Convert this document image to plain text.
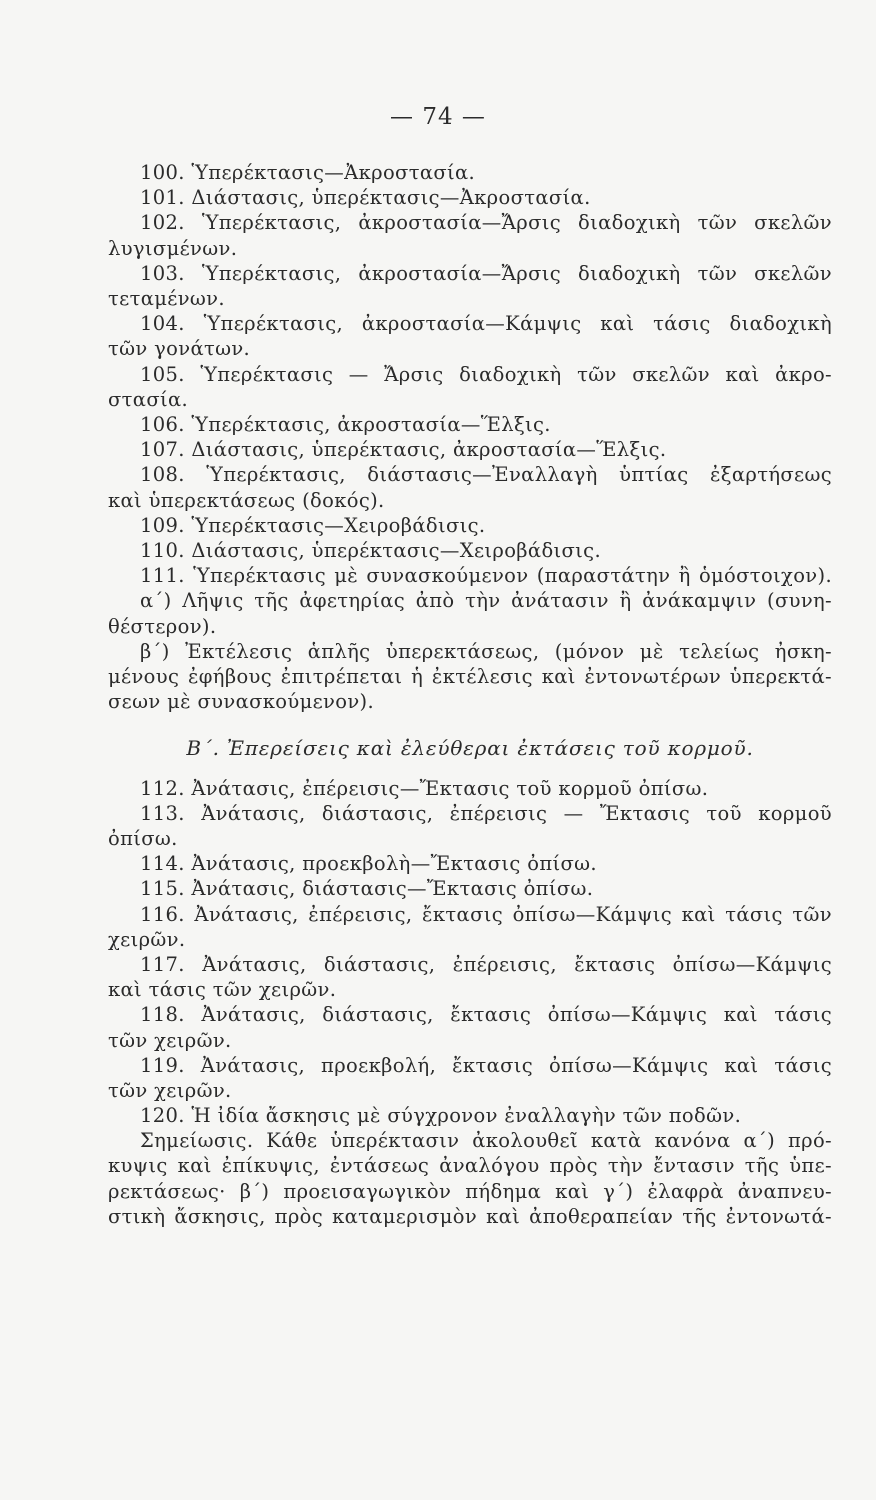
— 74 —
100. Ὑπερέκτασις—Ἀκροστασία.
101. Διάστασις, ὑπερέκτασις—Ἀκροστασία.
102. Ὑπερέκτασις, ἀκροστασία—Ἄρσις διαδοχικὴ τῶν σκελῶν
λυγισμένων.
103. Ὑπερέκτασις, ἀκροστασία—Ἄρσις διαδοχικὴ τῶν σκελῶν
τεταμένων.
104. Ὑπερέκτασις, ἀκροστασία—Κάμψις καὶ τάσις διαδοχικὴ
τῶν γονάτων.
105. Ὑπερέκτασις — Ἄρσις διαδοχικὴ τῶν σκελῶν καὶ ἀκρο-
στασία.
106. Ὑπερέκτασις, ἀκροστασία—Ἕλξις.
107. Διάστασις, ὑπερέκτασις, ἀκροστασία—Ἕλξις.
108. Ὑπερέκτασις, διάστασις—Ἐναλλαγὴ ὑπτίας ἐξαρτήσεως
καὶ ὑπερεκτάσεως (δοκός).
109. Ὑπερέκτασις—Χειροβάδισις.
110. Διάστασις, ὑπερέκτασις—Χειροβάδισις.
111. Ὑπερέκτασις μὲ συνασκούμενον (παραστάτην ἢ ὁμόστοιχον).
α΄) Λῆψις τῆς ἀφετηρίας ἀπὸ τὴν ἀνάτασιν ἢ ἀνάκαμψιν (συνη-
θέστερον).
β΄) Ἐκτέλεσις ἁπλῆς ὑπερεκτάσεως, (μόνον μὲ τελείως ἠσκη-
μένους ἐφήβους ἐπιτρέπεται ἡ ἐκτέλεσις καὶ ἐντονωτέρων ὑπερεκτά-
σεων μὲ συνασκούμενον).
Β΄. Ἐπερείσεις καὶ ἐλεύθεραι ἐκτάσεις τοῦ κορμοῦ.
112. Ἀνάτασις, ἐπέρεισις—Ἔκτασις τοῦ κορμοῦ ὀπίσω.
113. Ἀνάτασις, διάστασις, ἐπέρεισις — Ἔκτασις τοῦ κορμοῦ
ὀπίσω.
114. Ἀνάτασις, προεκβολὴ—Ἔκτασις ὀπίσω.
115. Ἀνάτασις, διάστασις—Ἔκτασις ὀπίσω.
116. Ἀνάτασις, ἐπέρεισις, ἔκτασις ὀπίσω—Κάμψις καὶ τάσις τῶν
χειρῶν.
117. Ἀνάτασις, διάστασις, ἐπέρεισις, ἔκτασις ὀπίσω—Κάμψις
καὶ τάσις τῶν χειρῶν.
118. Ἀνάτασις, διάστασις, ἔκτασις ὀπίσω—Κάμψις καὶ τάσις
τῶν χειρῶν.
119. Ἀνάτασις, προεκβολή, ἔκτασις ὀπίσω—Κάμψις καὶ τάσις
τῶν χειρῶν.
120. Ἡ ἰδία ἄσκησις μὲ σύγχρονον ἐναλλαγὴν τῶν ποδῶν.
Σημείωσις. Κάθε ὑπερέκτασιν ἀκολουθεῖ κατὰ κανόνα α΄) πρό-
κυψις καὶ ἐπίκυψις, ἐντάσεως ἀναλόγου πρὸς τὴν ἔντασιν τῆς ὑπε-
ρεκτάσεως· β΄) προεισαγωγικὸν πήδημα καὶ γ΄) ἐλαφρὰ ἀναπνευ-
στικὴ ἄσκησις, πρὸς καταμερισμὸν καὶ ἀποθεραπείαν τῆς ἐντονωτά-
